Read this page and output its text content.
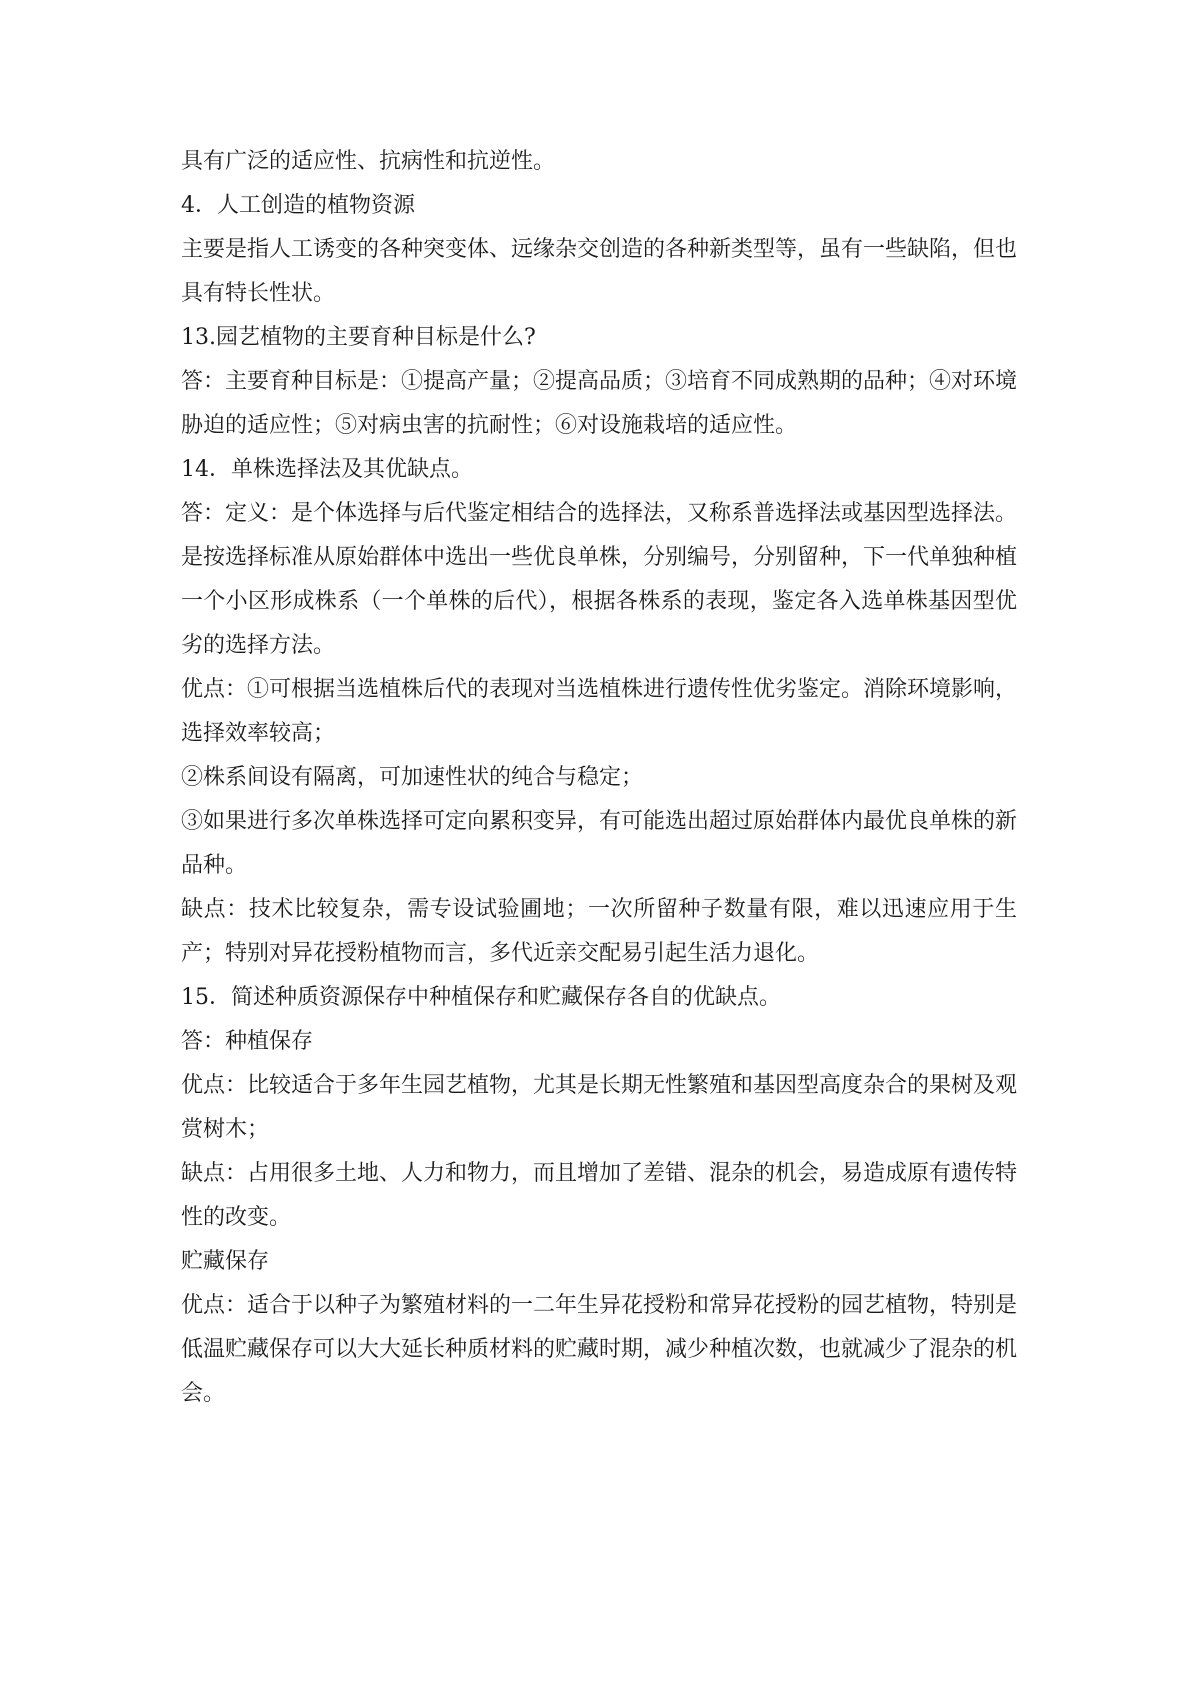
具有广泛的适应性、抗病性和抗逆性。

4．人工创造的植物资源

主要是指人工诱变的各种突变体、远缘杂交创造的各种新类型等，虽有一些缺陷，但也具有特长性状。

13.园艺植物的主要育种目标是什么?

答：主要育种目标是：①提高产量；②提高品质；③培育不同成熟期的品种；④对环境胁迫的适应性；⑤对病虫害的抗耐性；⑥对设施栽培的适应性。

14．单株选择法及其优缺点。

答：定义：是个体选择与后代鉴定相结合的选择法，又称系普选择法或基因型选择法。是按选择标准从原始群体中选出一些优良单株，分别编号，分别留种，下一代单独种植一个小区形成株系（一个单株的后代），根据各株系的表现，鉴定各入选单株基因型优劣的选择方法。

优点：①可根据当选植株后代的表现对当选植株进行遗传性优劣鉴定。消除环境影响，选择效率较高；

②株系间设有隔离，可加速性状的纯合与稳定；

③如果进行多次单株选择可定向累积变异，有可能选出超过原始群体内最优良单株的新品种。

缺点：技术比较复杂，需专设试验圃地；一次所留种子数量有限，难以迅速应用于生产；特别对异花授粉植物而言，多代近亲交配易引起生活力退化。

15．简述种质资源保存中种植保存和贮藏保存各自的优缺点。

答：种植保存

优点：比较适合于多年生园艺植物，尤其是长期无性繁殖和基因型高度杂合的果树及观赏树木；

缺点：占用很多土地、人力和物力，而且增加了差错、混杂的机会，易造成原有遗传特性的改变。

贮藏保存

优点：适合于以种子为繁殖材料的一二年生异花授粉和常异花授粉的园艺植物，特别是低温贮藏保存可以大大延长种质材料的贮藏时期，减少种植次数，也就减少了混杂的机会。
